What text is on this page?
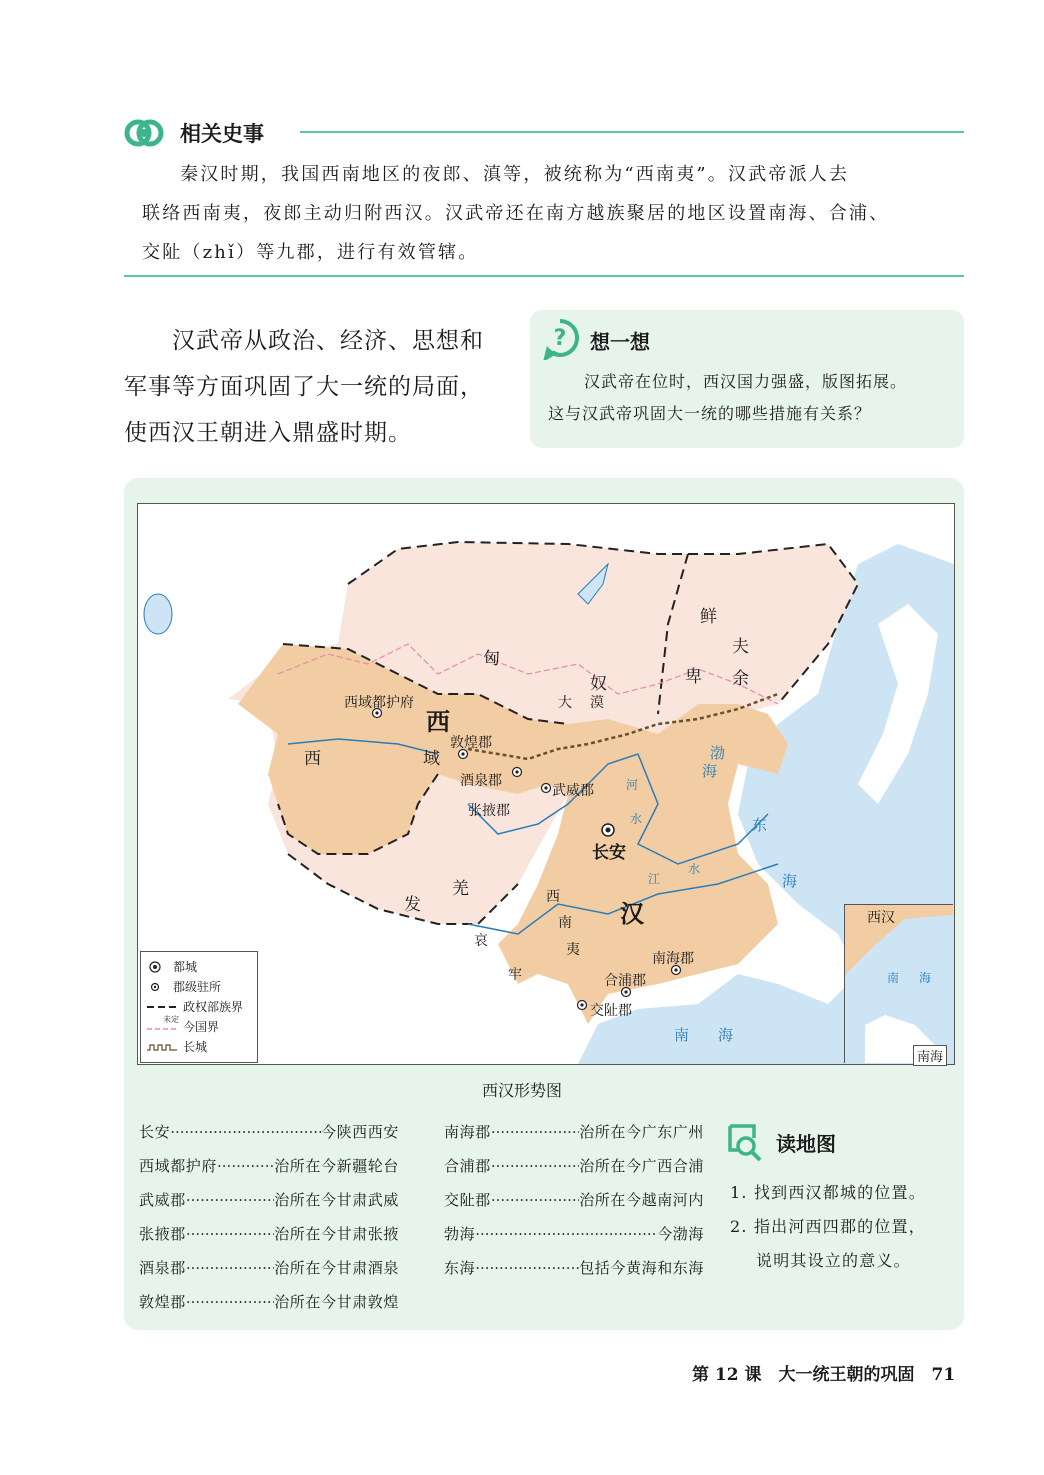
相关史事

秦汉时期，我国西南地区的夜郎、滇等，被统称为“西南夷”。汉武帝派人去

联络西南夷，夜郎主动归附西汉。汉武帝还在南方越族聚居的地区设置南海、合浦、

交阯（zhǐ）等九郡，进行有效管辖。

汉武帝从政治、经济、思想和

军事等方面巩固了大一统的局面，

使西汉王朝进入鼎盛时期。

? 想一想

汉武帝在位时，西汉国力强盛，版图拓展。

这与汉武帝巩固大一统的哪些措施有关系？

匈
奴
大 漠
鲜
卑
夫
余
西域都护府
西
域
西
敦煌郡
酒泉郡
张掖郡
武威郡
长安
羌
发	西
南
夷
哀
牢
汉
南海郡
合浦郡
交阯郡
渤
海
东
海
南 海
河
水
江
水
都城
郡级驻所
政权部族界
未定
今国界
长城
西汉
南 海
南海
西汉形势图
长安 ·····	今陕西西安
西域都护府 ·····	治所在今新疆轮台
武威郡 ·····	治所在今甘肃武威
张掖郡 ·····	治所在今甘肃张掖
酒泉郡 ·····	治所在今甘肃酒泉
敦煌郡 ·····	治所在今甘肃敦煌
南海郡 ·····	治所在今广东广州
合浦郡 ·····	治所在今广西合浦
交阯郡 ·····	治所在今越南河内
勃海 ·····	今渤海
东海 ·····	包括今黄海和东海
读地图

1. 找到西汉都城的位置。

2. 指出河西四郡的位置，

说明其设立的意义。

第 12 课　大一统王朝的巩固　71
